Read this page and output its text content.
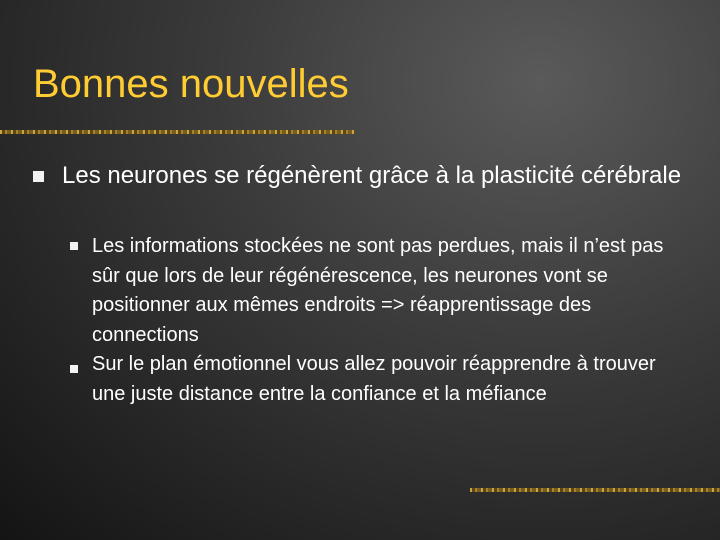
Bonnes nouvelles

Les neurones se régénèrent grâce à la plasticité cérébrale

Les informations stockées ne sont pas perdues, mais il n’est pas sûr que lors de leur régénérescence, les neurones vont se positionner aux mêmes endroits => réapprentissage des connections

Sur le plan émotionnel vous allez pouvoir réapprendre à trouver une juste distance entre la confiance et la méfiance
